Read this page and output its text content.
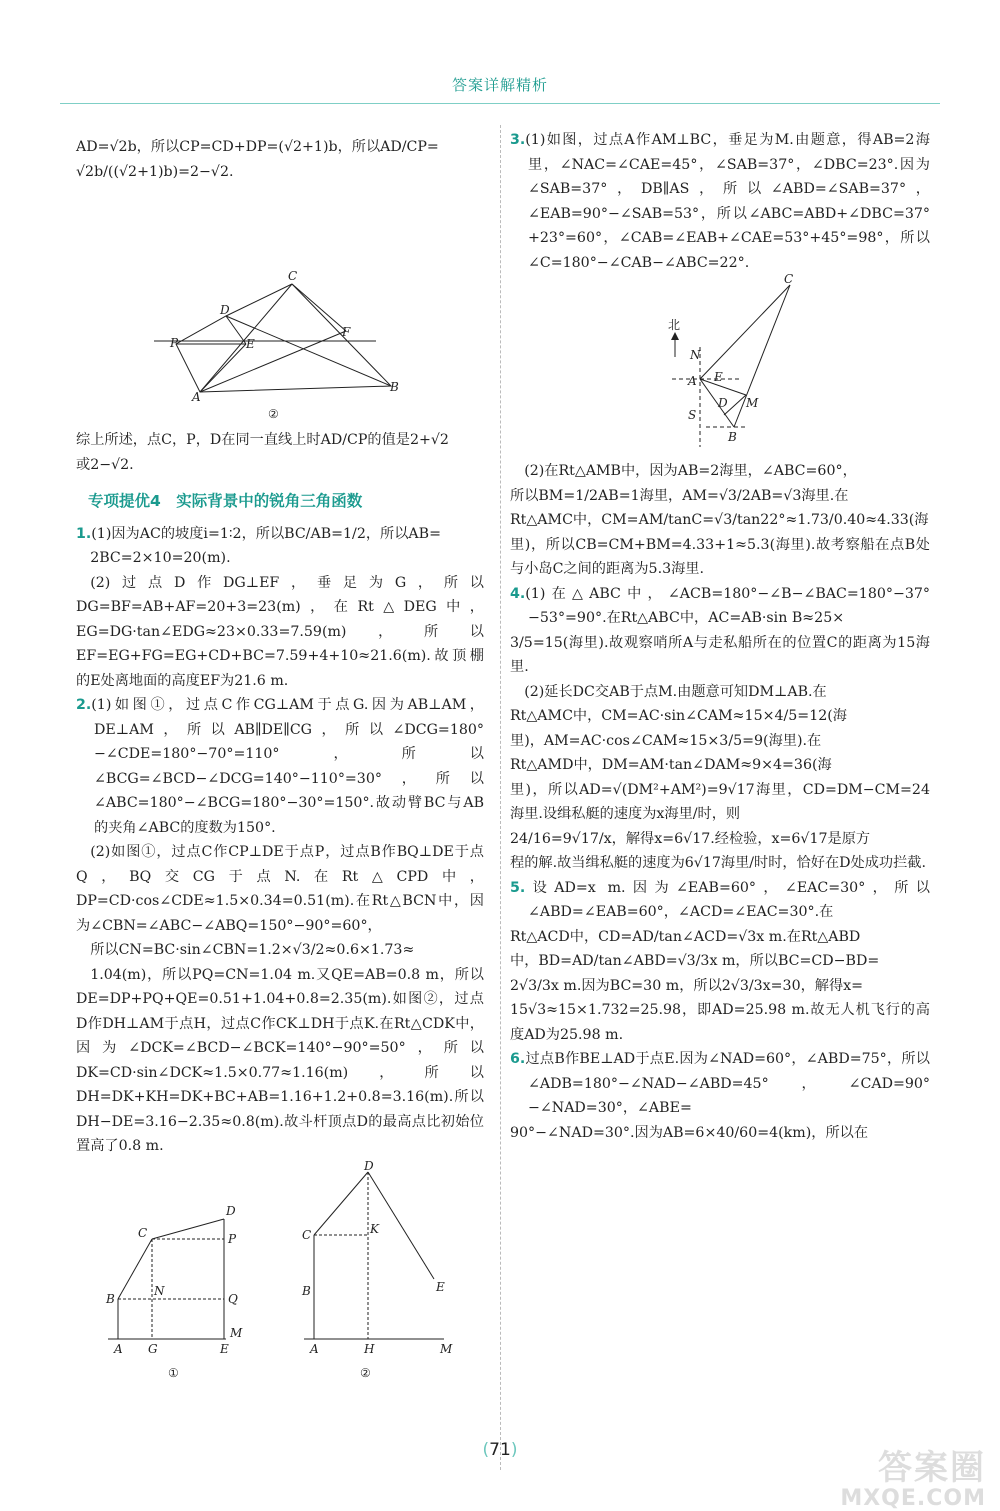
答案详解精析

AD=√2b，所以CP=CD+DP=(√2+1)b，所以AD/CP=

√2b/((√2+1)b)=2−√2.

C
D
P	E
F
A
B
②

综上所述，点C，P，D在同一直线上时AD/CP的值是2+√2

或2−√2.

专项提优4　实际背景中的锐角三角函数

1.(1)因为AC的坡度i=1∶2，所以BC/AB=1/2，所以AB=

2BC=2×10=20(m).

(2)过点D作DG⊥EF，垂足为G，所以DG=BF=AB+AF=20+3=23(m)，在Rt△DEG中，EG=DG·tan∠EDG≈23×0.33=7.59(m)，所以EF=EG+FG=EG+CD+BC=7.59+4+10≈21.6(m).故顶棚的E处离地面的高度EF为21.6 m.

2.(1)如图①，过点C作CG⊥AM于点G.因为AB⊥AM，DE⊥AM，所以AB∥DE∥CG，所以∠DCG=180°−∠CDE=180°−70°=110°，所以∠BCG=∠BCD−∠DCG=140°−110°=30°，所以∠ABC=180°−∠BCG=180°−30°=150°.故动臂BC与AB的夹角∠ABC的度数为150°.

(2)如图①，过点C作CP⊥DE于点P，过点B作BQ⊥DE于点Q，BQ交CG于点N.在Rt△CPD中，DP=CD·cos∠CDE≈1.5×0.34=0.51(m).在Rt△BCN中，因为∠CBN=∠ABC−∠ABQ=150°−90°=60°，

所以CN=BC·sin∠CBN=1.2×√3/2≈0.6×1.73≈

1.04(m)，所以PQ=CN=1.04 m.又QE=AB=0.8 m，所以DE=DP+PQ+QE=0.51+1.04+0.8=2.35(m).如图②，过点D作DH⊥AM于点H，过点C作CK⊥DH于点K.在Rt△CDK中，因为∠DCK=∠BCD−∠BCK=140°−90°=50°，所以DK=CD·sin∠DCK≈1.5×0.77≈1.16(m)，所以DH=DK+KH=DK+BC+AB=1.16+1.2+0.8=3.16(m).所以DH−DE=3.16−2.35≈0.8(m).故斗杆顶点D的最高点比初始位置高了0.8 m.

C
D
P
Q
N
B
A G	E
M
①
D
C	K
B	E
A	H	M
②

3.(1)如图，过点A作AM⊥BC，垂足为M.由题意，得AB=2海里，∠NAC=∠CAE=45°，∠SAB=37°，∠DBC=23°.因为∠SAB=37°，DB∥AS，所以∠ABD=∠SAB=37°，∠EAB=90°−∠SAB=53°，所以∠ABC=ABD+∠DBC=37°+23°=60°，∠CAB=∠EAB+∠CAE=53°+45°=98°，所以∠C=180°−∠CAB−∠ABC=22°.

北
C
N
A E
D M
S
B

(2)在Rt△AMB中，因为AB=2海里，∠ABC=60°，

所以BM=1/2AB=1海里，AM=√3/2AB=√3海里.在

Rt△AMC中，CM=AM/tanC=√3/tan22°≈1.73/0.40≈4.33(海

里)，所以CB=CM+BM=4.33+1≈5.3(海里).故考察船在点B处与小岛C之间的距离为5.3海里.

4.(1)在△ABC中，∠ACB=180°−∠B−∠BAC=180°−37°−53°=90°.在Rt△ABC中，AC=AB·sin B≈25×

3/5=15(海里).故观察哨所A与走私船所在的位置C的距离为15海里.

(2)延长DC交AB于点M.由题意可知DM⊥AB.在

Rt△AMC中，CM=AC·sin∠CAM≈15×4/5=12(海

里)，AM=AC·cos∠CAM≈15×3/5=9(海里).在

Rt△AMD中，DM=AM·tan∠DAM≈9×4=36(海

里)，所以AD=√(DM²+AM²)=9√17海里，CD=DM−CM=24海里.设缉私艇的速度为x海里/时，则

24/16=9√17/x，解得x=6√17.经检验，x=6√17是原方

程的解.故当缉私艇的速度为6√17海里/时时，恰好在D处成功拦截.

5.设AD=x m.因为∠EAB=60°，∠EAC=30°，所以∠ABD=∠EAB=60°，∠ACD=∠EAC=30°.在

Rt△ACD中，CD=AD/tan∠ACD=√3x m.在Rt△ABD

中，BD=AD/tan∠ABD=√3/3x m，所以BC=CD−BD=

2√3/3x m.因为BC=30 m，所以2√3/3x=30，解得x=

15√3≈15×1.732=25.98，即AD=25.98 m.故无人机飞行的高度AD为25.98 m.

6.过点B作BE⊥AD于点E.因为∠NAD=60°，∠ABD=75°，所以∠ADB=180°−∠NAD−∠ABD=45°，∠CAD=90°−∠NAD=30°，∠ABE=

90°−∠NAD=30°.因为AB=6×40/60=4(km)，所以在

(71)	答案圈
MXQE.COM
